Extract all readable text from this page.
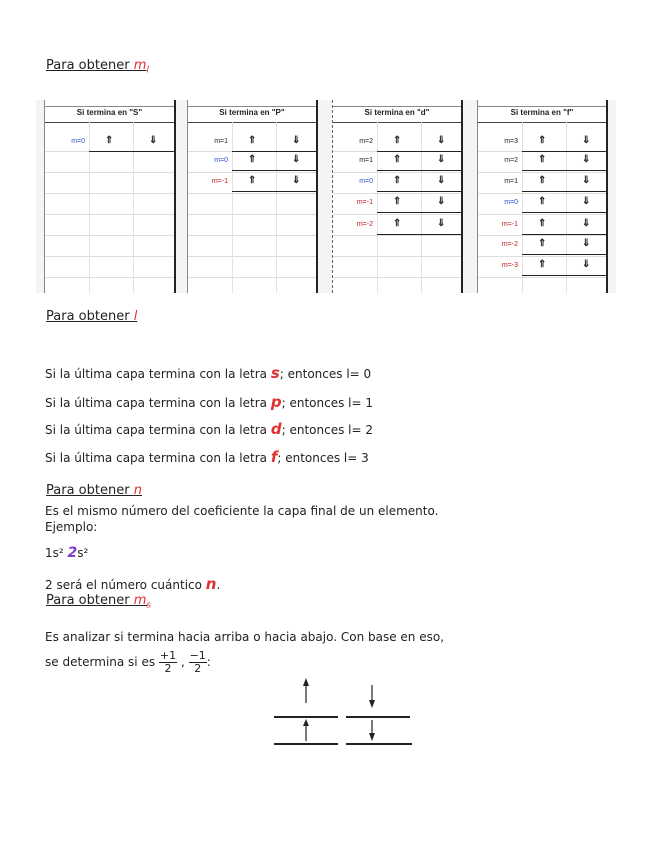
Para obtener $m_l$
Si termina en "S"
m=0 ⇑	⇓
Si termina en "P"
m=1 ⇑	⇓
m=0 ⇑	⇓
m=-1 ⇑	⇓
Si termina en "d"
m=2 ⇑	⇓
m=1 ⇑	⇓
m=0 ⇑	⇓
m=-1 ⇑	⇓
m=-2 ⇑	⇓
Si termina en "f"
m=3 ⇑	⇓
m=2 ⇑	⇓
m=1 ⇑	⇓
m=0 ⇑	⇓
m=-1 ⇑	⇓
m=-2 ⇑	⇓
m=-3 ⇑	⇓
Para obtener l
Si la última capa termina con la letra s; entonces l= 0
Si la última capa termina con la letra p; entonces l= 1
Si la última capa termina con la letra d; entonces l= 2
Si la última capa termina con la letra f; entonces l= 3
Para obtener n
Es el mismo número del coeficiente la capa final de un elemento.
Ejemplo:
1s² 2s²
2 será el número cuántico n.
Para obtener $m_s$
Es analizar si termina hacia arriba o hacia abajo. Con base en eso,
se determina si es $\frac{+1}{2}$ , $\frac{-1}{2}$ :
